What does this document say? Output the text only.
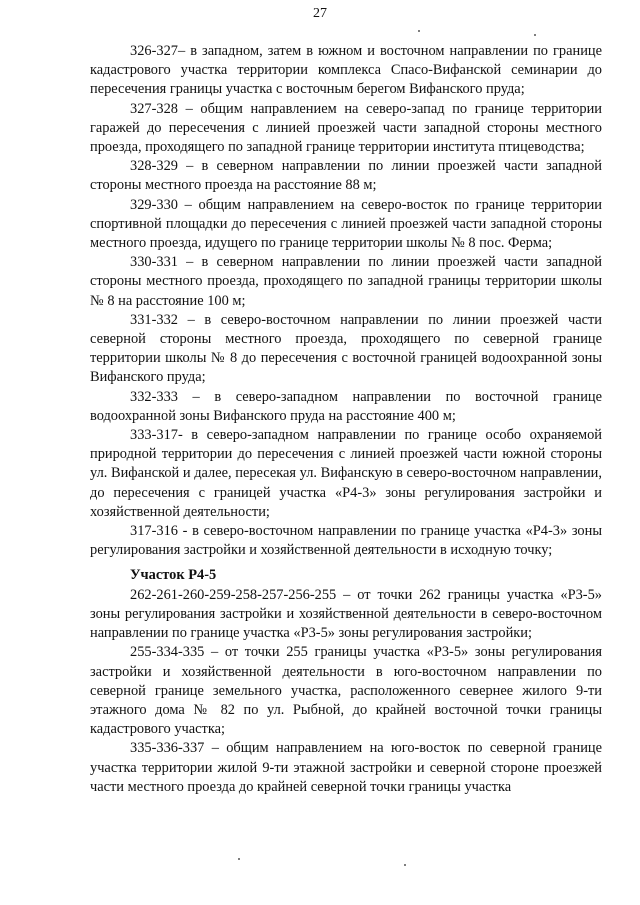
27

326-327– в западном, затем в южном и восточном направлении по границе кадастрового участка территории комплекса Спасо-Вифанской семинарии до пересечения границы участка с восточным берегом Вифанского пруда;

327-328 – общим направлением на северо-запад по границе территории гаражей до пересечения с линией проезжей части западной стороны местного проезда, проходящего по западной границе территории института птицеводства;

328-329 – в северном направлении по линии проезжей части западной стороны местного проезда на расстояние 88 м;

329-330 – общим направлением на северо-восток по границе территории спортивной площадки до пересечения с линией проезжей части западной стороны местного проезда, идущего по границе территории школы № 8 пос. Ферма;

330-331 – в северном направлении по линии проезжей части западной стороны местного проезда, проходящего по западной границы территории школы № 8 на расстояние 100 м;

331-332 – в северо-восточном направлении по линии проезжей части северной стороны местного проезда, проходящего по северной границе территории школы № 8 до пересечения с восточной границей водоохранной зоны Вифанского пруда;

332-333 – в северо-западном направлении по восточной границе водоохранной зоны Вифанского пруда на расстояние 400 м;

333-317- в северо-западном направлении по границе особо охраняемой природной территории до пересечения с линией проезжей части южной стороны ул. Вифанской и далее, пересекая ул. Вифанскую в северо-восточном направлении, до пересечения с границей участка «Р4-3» зоны регулирования застройки и хозяйственной деятельности;

317-316 - в северо-восточном направлении по границе участка «Р4-3» зоны регулирования застройки и хозяйственной деятельности в исходную точку;

Участок Р4-5

262-261-260-259-258-257-256-255 – от точки 262 границы участка «Р3-5» зоны регулирования застройки и хозяйственной деятельности в северо-восточном направлении по границе участка «Р3-5» зоны регулирования застройки;

255-334-335 – от точки 255 границы участка «Р3-5» зоны регулирования застройки и хозяйственной деятельности в юго-восточном направлении по северной границе земельного участка, расположенного севернее жилого 9-ти этажного дома № 82 по ул. Рыбной, до крайней восточной точки границы кадастрового участка;

335-336-337 – общим направлением на юго-восток по северной границе участка территории жилой 9-ти этажной застройки и северной стороне проезжей части местного проезда до крайней северной точки границы участка
